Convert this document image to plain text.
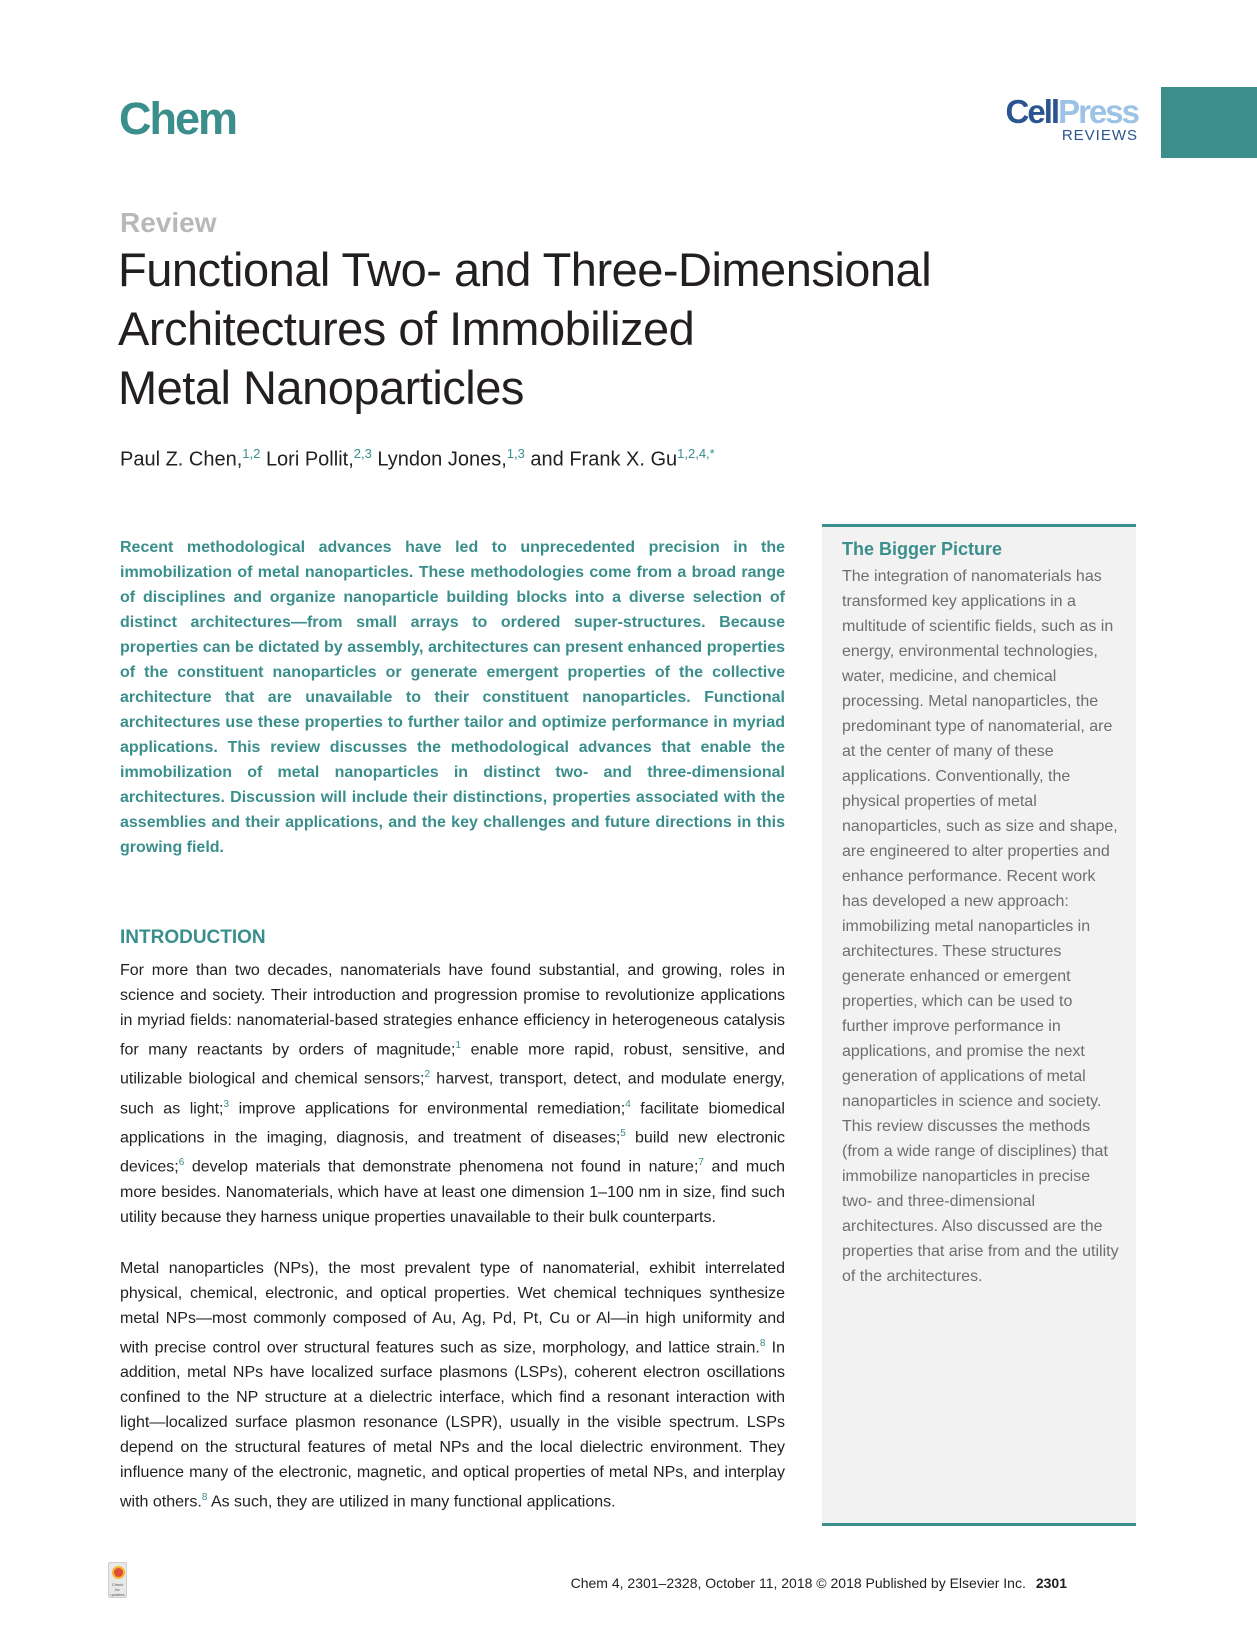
Chem	CellPress
REVIEWS
Review
Functional Two- and Three-Dimensional
Architectures of Immobilized
Metal Nanoparticles
Paul Z. Chen,$^{1,2}$ Lori Pollit,$^{2,3}$ Lyndon Jones,$^{1,3}$ and Frank X. $Gu^{1,2,4,*}$

Recent methodological advances have led to unprecedented precision in the immobilization of metal nanoparticles. These methodologies come from a broad range of disciplines and organize nanoparticle building blocks into a diverse selection of distinct architectures—from small arrays to ordered super-structures. Because properties can be dictated by assembly, architectures can present enhanced properties of the constituent nanoparticles or generate emergent properties of the collective architecture that are unavailable to their constituent nanoparticles. Functional architectures use these properties to further tailor and optimize performance in myriad applications. This review discusses the methodological advances that enable the immobilization of metal nanoparticles in distinct two- and three-dimensional architectures. Discussion will include their distinctions, properties associated with the assemblies and their applications, and the key challenges and future directions in this growing field.

INTRODUCTION

For more than two decades, nanomaterials have found substantial, and growing, roles in science and society. Their introduction and progression promise to revolutionize applications in myriad fields: nanomaterial-based strategies enhance efficiency in heterogeneous catalysis for many reactants by orders of magnitude;$^1$ enable more rapid, robust, sensitive, and utilizable biological and chemical sensors;$^2$ harvest, transport, detect, and modulate energy, such as light;$^3$ improve applications for environmental remediation;$^4$ facilitate biomedical applications in the imaging, diagnosis, and treatment of diseases;$^5$ build new electronic devices;$^6$ develop materials that demonstrate phenomena not found in nature;$^7$ and much more besides. Nanomaterials, which have at least one dimension 1–100 nm in size, find such utility because they harness unique properties unavailable to their bulk counterparts.

Metal nanoparticles (NPs), the most prevalent type of nanomaterial, exhibit interrelated physical, chemical, electronic, and optical properties. Wet chemical techniques synthesize metal NPs—most commonly composed of Au, Ag, Pd, Pt, Cu or Al—in high uniformity and with precise control over structural features such as size, morphology, and lattice strain.$^8$ In addition, metal NPs have localized surface plasmons (LSPs), coherent electron oscillations confined to the NP structure at a dielectric interface, which find a resonant interaction with light—localized surface plasmon resonance (LSPR), usually in the visible spectrum. LSPs depend on the structural features of metal NPs and the local dielectric environment. They influence many of the electronic, magnetic, and optical properties of metal NPs, and interplay with others.$^8$ As such, they are utilized in many functional applications.

The Bigger Picture
The integration of nanomaterials has transformed key applications in a multitude of scientific fields, such as in energy, environmental technologies, water, medicine, and chemical processing. Metal nanoparticles, the predominant type of nanomaterial, are at the center of many of these applications. Conventionally, the physical properties of metal nanoparticles, such as size and shape, are engineered to alter properties and enhance performance. Recent work has developed a new approach: immobilizing metal nanoparticles in architectures. These structures generate enhanced or emergent properties, which can be used to further improve performance in applications, and promise the next generation of applications of metal nanoparticles in science and society. This review discusses the methods (from a wide range of disciplines) that immobilize nanoparticles in precise two- and three-dimensional architectures. Also discussed are the properties that arise from and the utility of the architectures.
Check for updates
Chem 4, 2301–2328, October 11, 2018 © 2018 Published by Elsevier Inc. 2301
